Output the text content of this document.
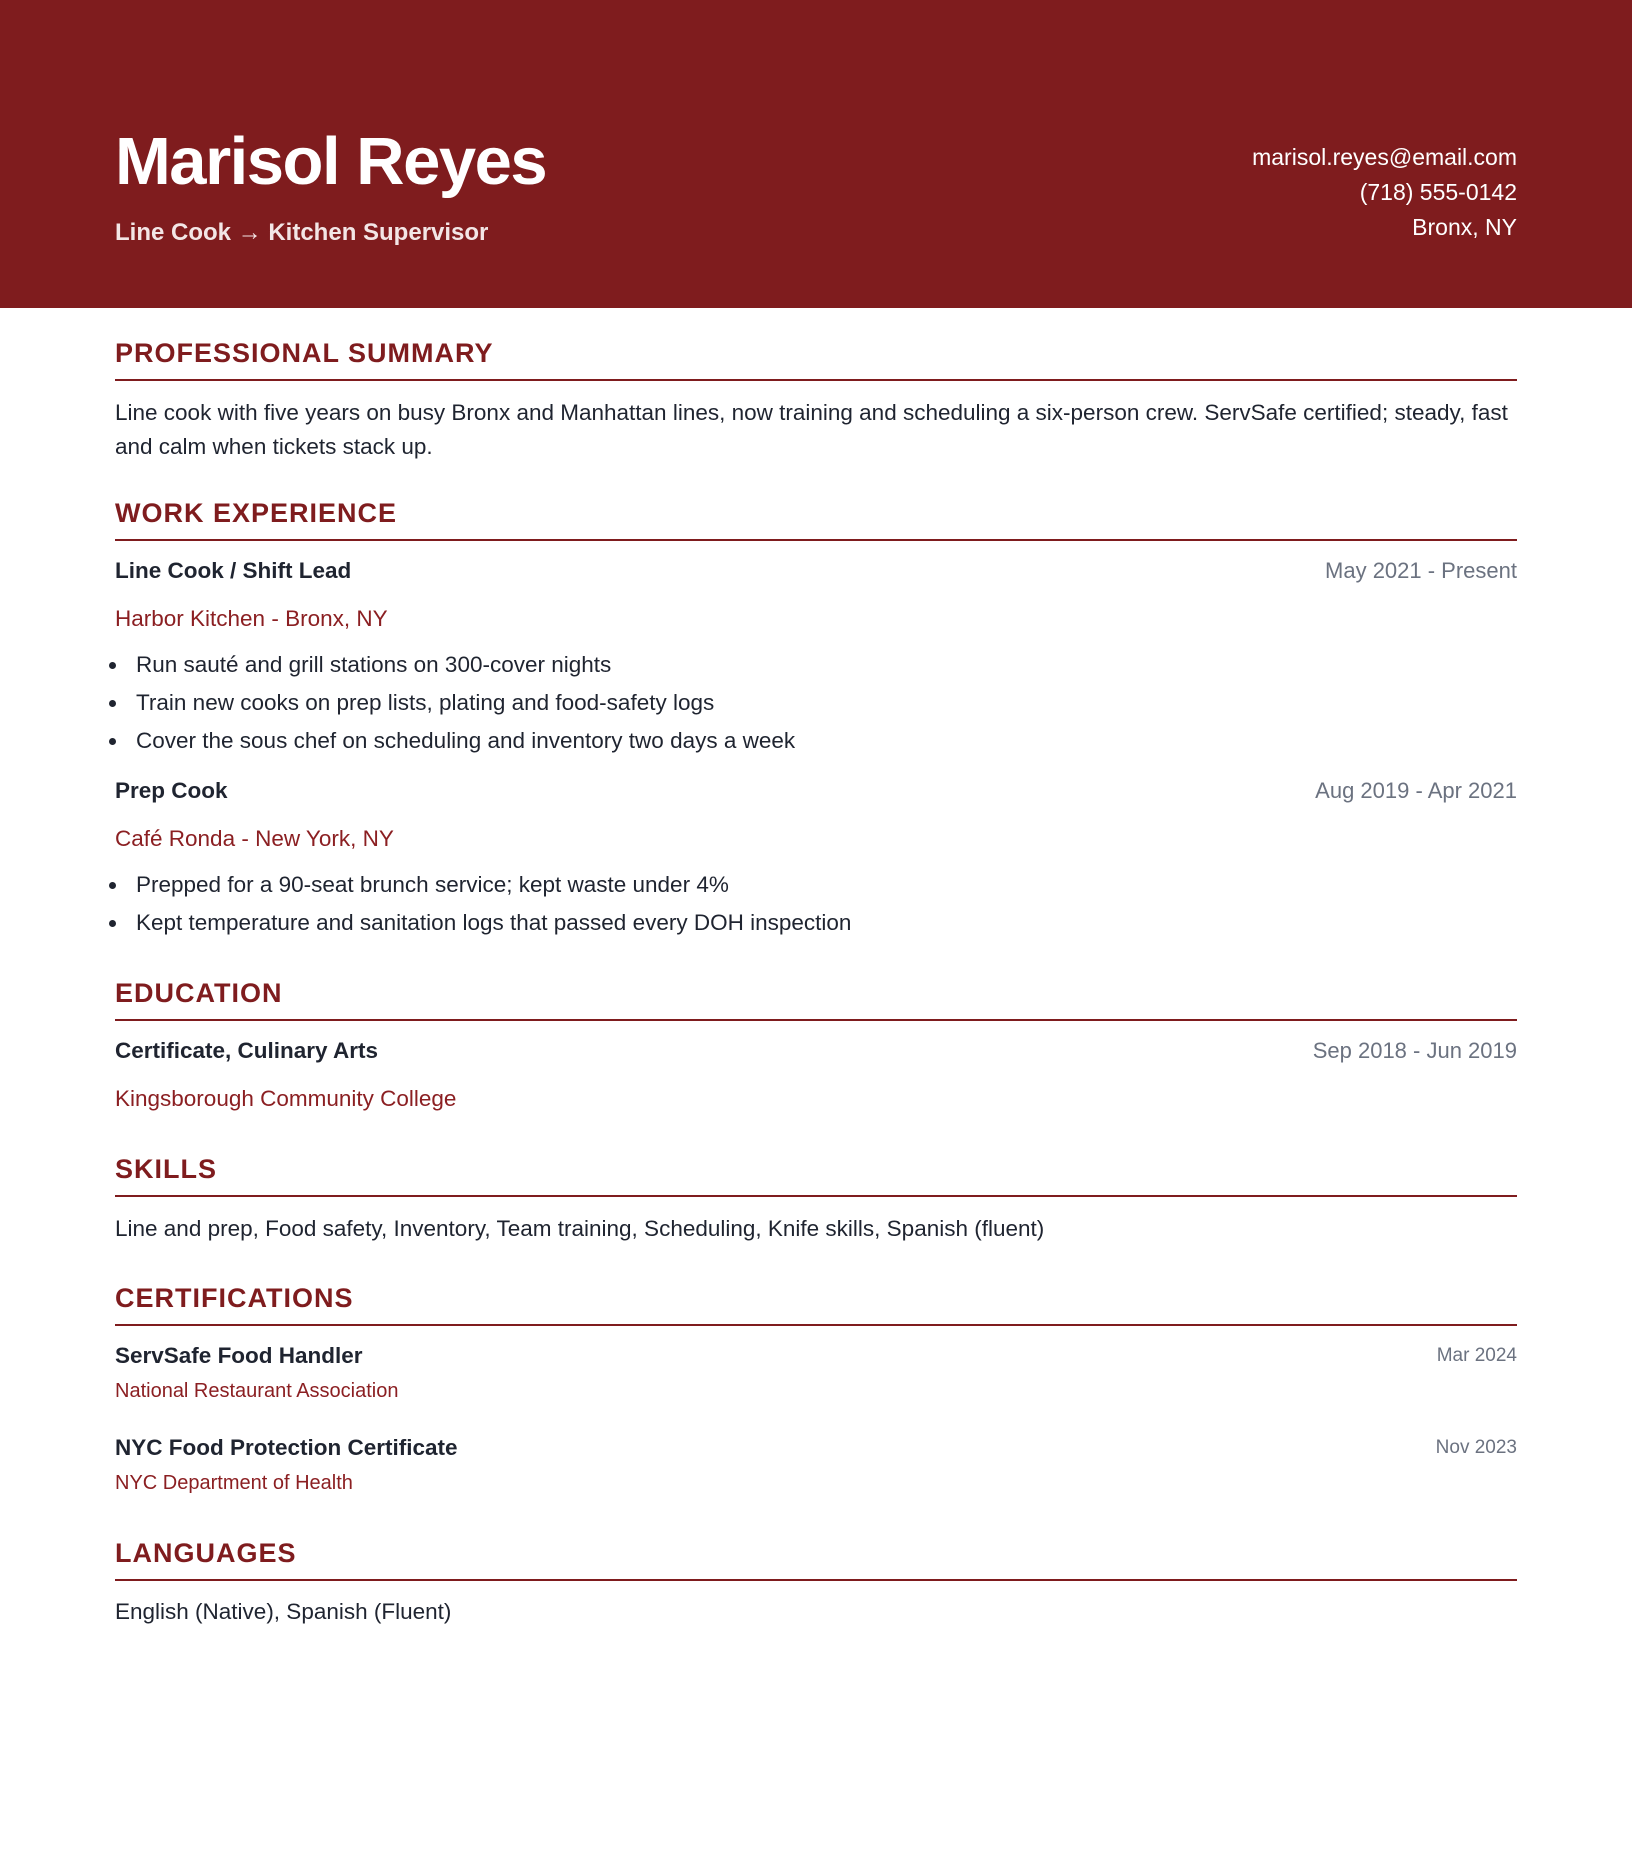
Marisol Reyes
Line Cook → Kitchen Supervisor
marisol.reyes@email.com
(718) 555-0142
Bronx, NY
PROFESSIONAL SUMMARY
Line cook with five years on busy Bronx and Manhattan lines, now training and scheduling a six-person crew. ServSafe certified; steady, fast and calm when tickets stack up.
WORK EXPERIENCE
Line Cook / Shift Lead	May 2021 - Present
Harbor Kitchen - Bronx, NY
Run sauté and grill stations on 300-cover nights
Train new cooks on prep lists, plating and food-safety logs
Cover the sous chef on scheduling and inventory two days a week
Prep Cook	Aug 2019 - Apr 2021
Café Ronda - New York, NY
Prepped for a 90-seat brunch service; kept waste under 4%
Kept temperature and sanitation logs that passed every DOH inspection
EDUCATION
Certificate, Culinary Arts	Sep 2018 - Jun 2019
Kingsborough Community College
SKILLS
Line and prep, Food safety, Inventory, Team training, Scheduling, Knife skills, Spanish (fluent)
CERTIFICATIONS
ServSafe Food Handler	Mar 2024
National Restaurant Association
NYC Food Protection Certificate	Nov 2023
NYC Department of Health
LANGUAGES
English (Native), Spanish (Fluent)
